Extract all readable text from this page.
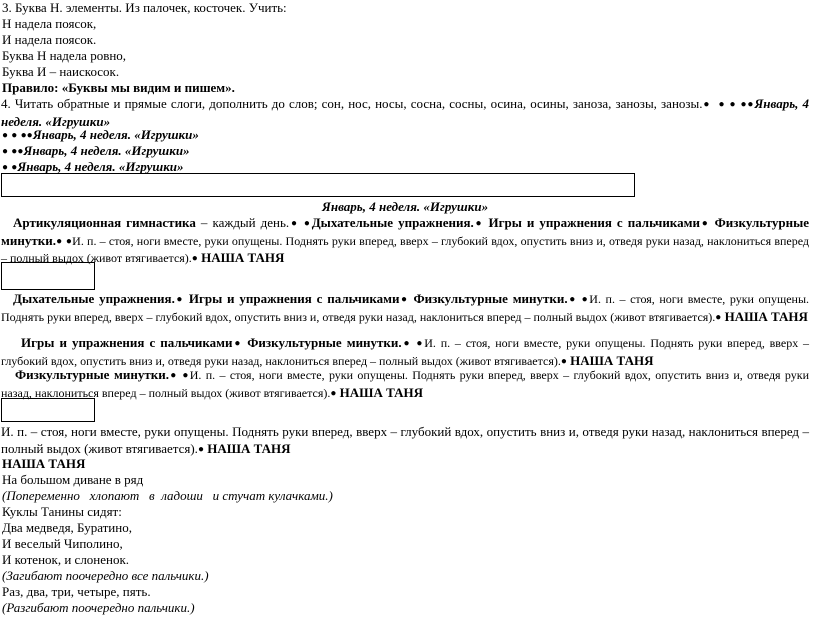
3. Буква Н. элементы. Из палочек, косточек. Учить:
Н надела поясок,
И надела поясок.
Буква Н надела ровно,
Буква И – наискосок.
Правило: «Буквы мы видим и пишем».
4. Читать обратные и прямые слоги, дополнить до слов; сон, нос, носы, сосна, сосны, осина, осины, заноза, занозы, занозы.● ● ● ●●Январь, 4 неделя. «Игрушки»
● ● ●●Январь, 4 неделя. «Игрушки»
● ●●Январь, 4 неделя. «Игрушки»
● ●Январь, 4 неделя. «Игрушки»
Январь, 4 неделя. «Игрушки»
Артикуляционная гимнастика – каждый день.● ●Дыхательные упражнения.● Игры и упражнения с пальчиками● Физкультурные минутки.● ●И. п. – стоя, ноги вместе, руки опущены. Поднять руки вперед, вверх – глубокий вдох, опустить вниз и, отведя руки назад, наклониться вперед – полный выдох (живот втягивается).● НАША ТАНЯ
Дыхательные упражнения.● Игры и упражнения с пальчиками● Физкультурные минутки.● ●И. п. – стоя, ноги вместе, руки опущены. Поднять руки вперед, вверх – глубокий вдох, опустить вниз и, отведя руки назад, наклониться вперед – полный выдох (живот втягивается).● НАША ТАНЯ
Игры и упражнения с пальчиками● Физкультурные минутки.● ●И. п. – стоя, ноги вместе, руки опущены. Поднять руки вперед, вверх – глубокий вдох, опустить вниз и, отведя руки назад, наклониться вперед – полный выдох (живот втягивается).● НАША ТАНЯ
Физкультурные минутки.● ●И. п. – стоя, ноги вместе, руки опущены. Поднять руки вперед, вверх – глубокий вдох, опустить вниз и, отведя руки назад, наклониться вперед – полный выдох (живот втягивается).● НАША ТАНЯ
И. п. – стоя, ноги вместе, руки опущены. Поднять руки вперед, вверх – глубокий вдох, опустить вниз и, отведя руки назад, наклониться вперед – полный выдох (живот втягивается).● НАША ТАНЯ
НАША ТАНЯ
На большом диване в ряд
(Попеременно   хлопают   в  ладоши   и стучат кулачками.)
Куклы Танины сидят:
Два медведя, Буратино,
И веселый Чиполино,
И котенок, и слоненок.
(Загибают поочередно все пальчики.)
Раз, два, три, четыре, пять.
(Разгибают поочередно пальчики.)
